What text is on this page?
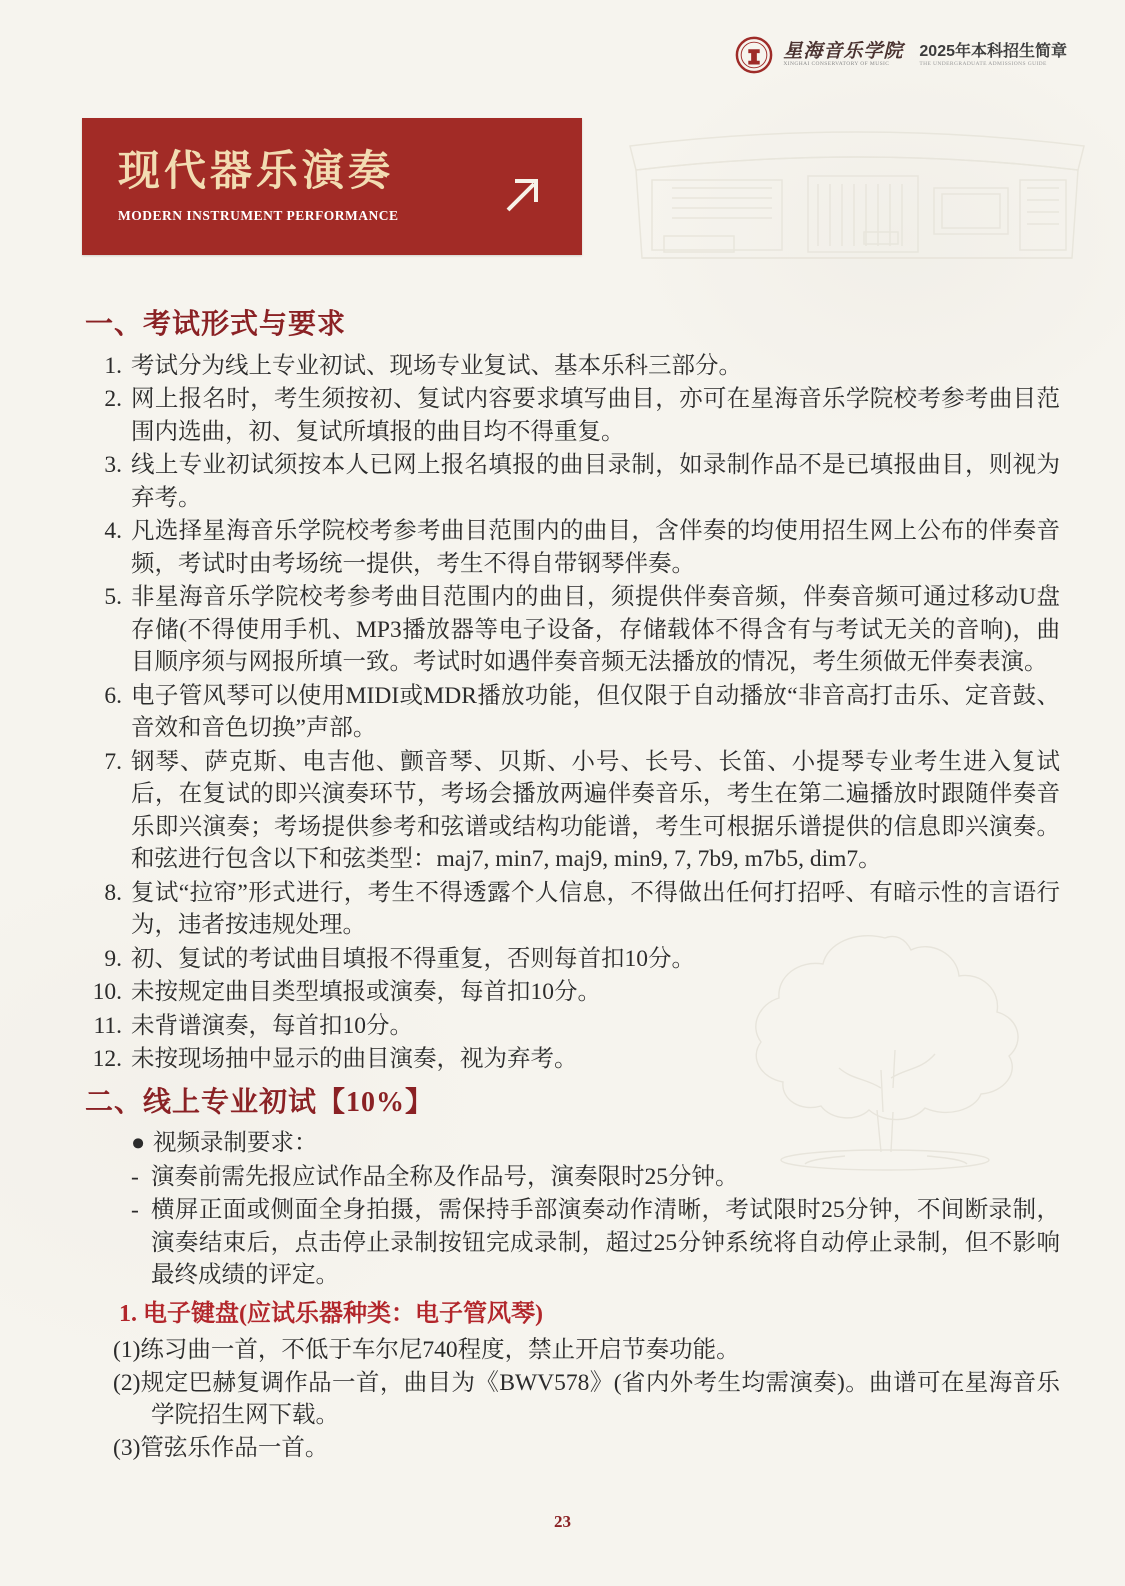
星海音乐学院
XINGHAI CONSERVATORY OF MUSIC
2025年本科招生简章
THE UNDERGRADUATE ADMISSIONS GUIDE
现代器乐演奏
MODERN INSTRUMENT PERFORMANCE
一、考试形式与要求
1. 考试分为线上专业初试、现场专业复试、基本乐科三部分。
2. 网上报名时，考生须按初、复试内容要求填写曲目，亦可在星海音乐学院校考参考曲目范围内选曲，初、复试所填报的曲目均不得重复。
3. 线上专业初试须按本人已网上报名填报的曲目录制，如录制作品不是已填报曲目，则视为弃考。
4. 凡选择星海音乐学院校考参考曲目范围内的曲目，含伴奏的均使用招生网上公布的伴奏音频，考试时由考场统一提供，考生不得自带钢琴伴奏。
5. 非星海音乐学院校考参考曲目范围内的曲目，须提供伴奏音频，伴奏音频可通过移动U盘存储(不得使用手机、MP3播放器等电子设备，存储载体不得含有与考试无关的音响)，曲目顺序须与网报所填一致。考试时如遇伴奏音频无法播放的情况，考生须做无伴奏表演。
6. 电子管风琴可以使用MIDI或MDR播放功能，但仅限于自动播放“非音高打击乐、定音鼓、音效和音色切换”声部。
7. 钢琴、萨克斯、电吉他、颤音琴、贝斯、小号、长号、长笛、小提琴专业考生进入复试后，在复试的即兴演奏环节，考场会播放两遍伴奏音乐，考生在第二遍播放时跟随伴奏音乐即兴演奏；考场提供参考和弦谱或结构功能谱，考生可根据乐谱提供的信息即兴演奏。和弦进行包含以下和弦类型：maj7, min7, maj9, min9, 7, 7b9, m7b5, dim7。
8. 复试“拉帘”形式进行，考生不得透露个人信息，不得做出任何打招呼、有暗示性的言语行为，违者按违规处理。
9. 初、复试的考试曲目填报不得重复，否则每首扣10分。
10. 未按规定曲目类型填报或演奏，每首扣10分。
11. 未背谱演奏，每首扣10分。
12. 未按现场抽中显示的曲目演奏，视为弃考。
二、线上专业初试【10%】
● 视频录制要求：
- 演奏前需先报应试作品全称及作品号，演奏限时25分钟。
- 横屏正面或侧面全身拍摄，需保持手部演奏动作清晰，考试限时25分钟，不间断录制，演奏结束后，点击停止录制按钮完成录制，超过25分钟系统将自动停止录制，但不影响最终成绩的评定。
1. 电子键盘(应试乐器种类：电子管风琴)
(1)练习曲一首，不低于车尔尼740程度，禁止开启节奏功能。
(2)规定巴赫复调作品一首，曲目为《BWV578》(省内外考生均需演奏)。曲谱可在星海音乐学院招生网下载。
(3)管弦乐作品一首。
23
